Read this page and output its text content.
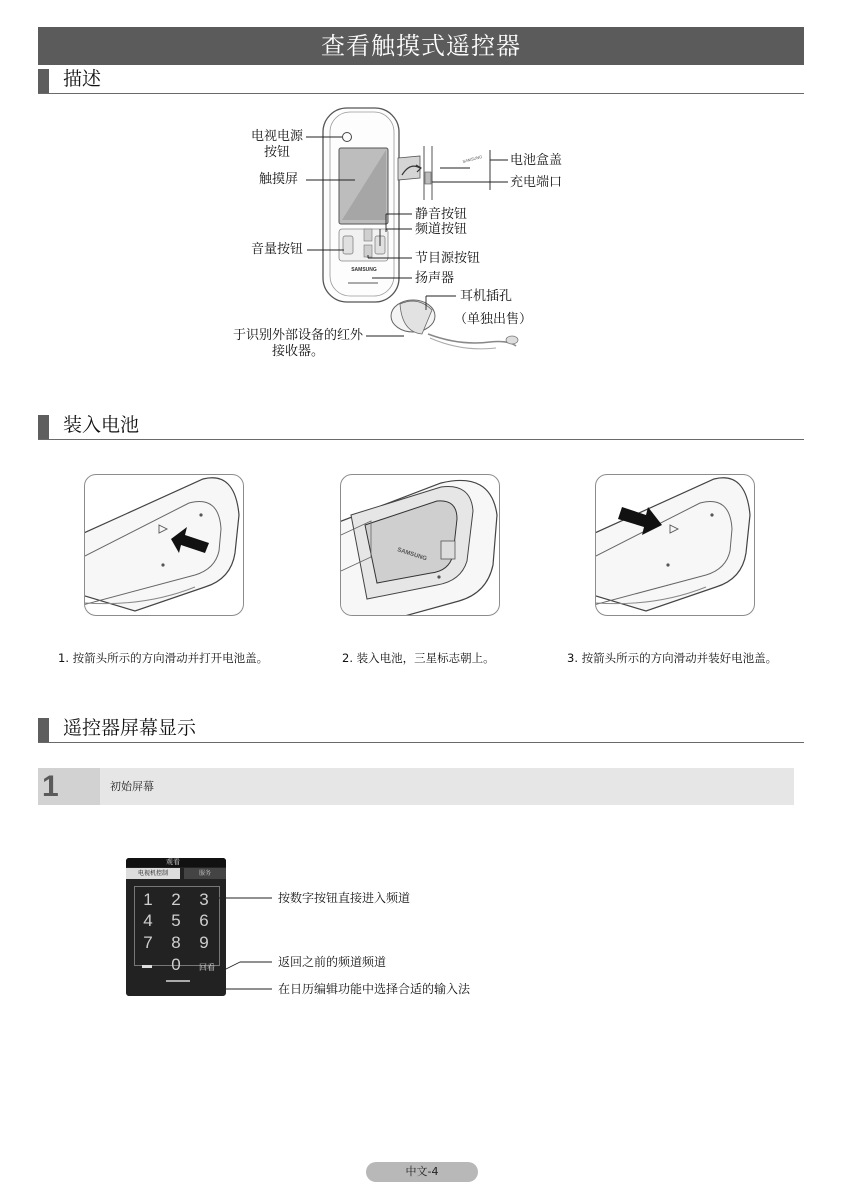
查看触摸式遥控器
描述
SAMSUNG
SAMSUNG
电视电源
按钮
触摸屏
音量按钮
于识别外部设备的红外
接收器。
电池盒盖
充电端口
静音按钮
频道按钮
节目源按钮
扬声器
耳机插孔
（单独出售）
装入电池
SAMSUNG
1. 按箭头所示的方向滑动并打开电池盖。	2. 装入电池，三星标志朝上。	3. 按箭头所示的方向滑动并装好电池盖。
遥控器屏幕显示
1	初始屏幕
观看
电视机控制	服务
1	2	3
4	5	6
7	8	9
0	回看
按数字按钮直接进入频道
返回之前的频道频道
在日历编辑功能中选择合适的输入法
中文-4
